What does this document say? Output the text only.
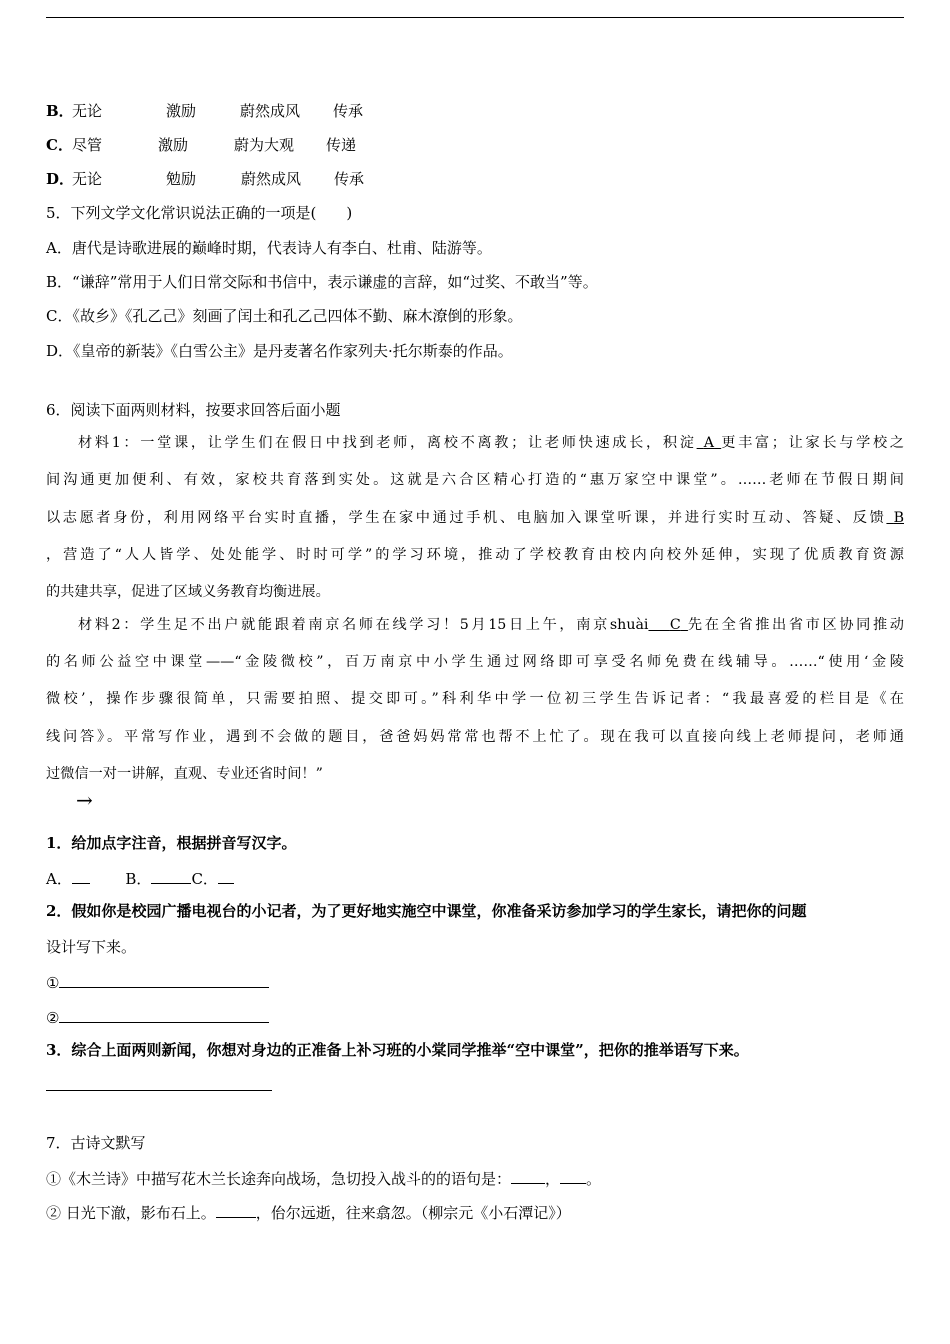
B．无论	激励	蔚然成风 传承
C．尽管	激励	蔚为大观 传递
D．无论	勉励	蔚然成风 传承
5．下列文学文化常识说法正确的一项是(　　)
A．唐代是诗歌进展的巅峰时期，代表诗人有李白、杜甫、陆游等。
B．“谦辞”常用于人们日常交际和书信中，表示谦虚的言辞，如“过奖、不敢当”等。
C．《故乡》《孔乙己》刻画了闰土和孔乙己四体不勤、麻木潦倒的形象。
D．《皇帝的新装》《白雪公主》是丹麦著名作家列夫·托尔斯泰的作品。
6．阅读下面两则材料，按要求回答后面小题
材料1：一堂课，让学生们在假日中找到老师，离校不离教；让老师快速成长，积淀 A 更丰富；让家长与学校之
间沟通更加便利、有效，家校共育落到实处。这就是六合区精心打造的“惠万家空中课堂”。……老师在节假日期间
以志愿者身份，利用网络平台实时直播，学生在家中通过手机、电脑加入课堂听课，并进行实时互动、答疑、反馈 B
，营造了“人人皆学、处处能学、时时可学”的学习环境，推动了学校教育由校内向校外延伸，实现了优质教育资源
的共建共享，促进了区域义务教育均衡进展。
材料2：学生足不出户就能跟着南京名师在线学习！5月15日上午，南京shuài C 先在全省推出省市区协同推动
的名师公益空中课堂——“金陵微校”，百万南京中小学生通过网络即可享受名师免费在线辅导。……“使用‘金陵
微校’，操作步骤很简单，只需要拍照、提交即可。”科利华中学一位初三学生告诉记者：“我最喜爱的栏目是《在
线问答》。平常写作业，遇到不会做的题目，爸爸妈妈常常也帮不上忙了。现在我可以直接向线上老师提问，老师通
过微信一对一讲解，直观、专业还省时间！”
→
1．给加点字注音，根据拼音写汉字。
A．	B．	C．
2．假如你是校园广播电视台的小记者，为了更好地实施空中课堂，你准备采访参加学习的学生家长，请把你的问题
设计写下来。
①
②
3．综合上面两则新闻，你想对身边的正准备上补习班的小棠同学推举“空中课堂”，把你的推举语写下来。
7．古诗文默写
①《木兰诗》中描写花木兰长途奔向战场，急切投入战斗的的语句是： ， 。
② 日光下澈，影布石上。	，佁尔远逝，往来翕忽。（柳宗元《小石潭记》）
